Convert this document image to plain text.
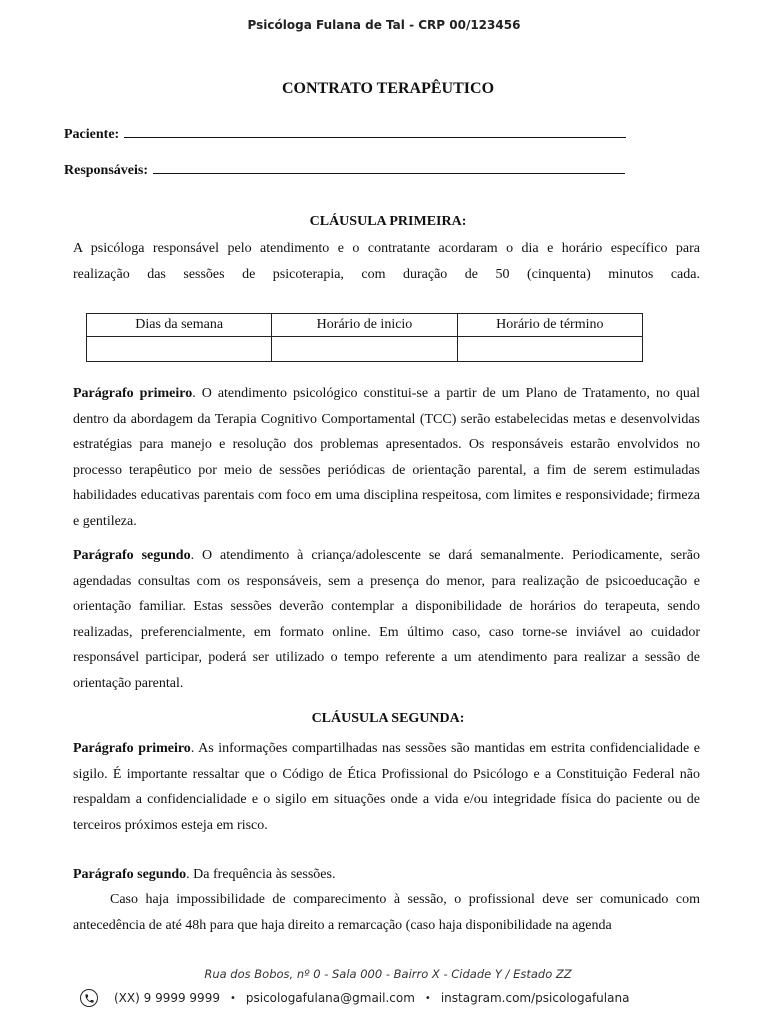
Psicóloga Fulana de Tal - CRP 00/123456
CONTRATO TERAPÊUTICO
Paciente:
Responsáveis:
CLÁUSULA PRIMEIRA:
A psicóloga responsável pelo atendimento e o contratante acordaram o dia e horário específico para
realização das sessões de psicoterapia, com duração de 50 (cinquenta) minutos cada.
Dias da semana	Horário de inicio	Horário de término

Parágrafo primeiro. O atendimento psicológico constitui-se a partir de um Plano de Tratamento, no qual dentro da abordagem da Terapia Cognitivo Comportamental (TCC) serão estabelecidas metas e desenvolvidas estratégias para manejo e resolução dos problemas apresentados. Os responsáveis estarão envolvidos no processo terapêutico por meio de sessões periódicas de orientação parental, a fim de serem estimuladas habilidades educativas parentais com foco em uma disciplina respeitosa, com limites e responsividade; firmeza e gentileza.
Parágrafo segundo. O atendimento à criança/adolescente se dará semanalmente. Periodicamente, serão agendadas consultas com os responsáveis, sem a presença do menor, para realização de psicoeducação e orientação familiar. Estas sessões deverão contemplar a disponibilidade de horários do terapeuta, sendo realizadas, preferencialmente, em formato online. Em último caso, caso torne-se inviável ao cuidador responsável participar, poderá ser utilizado o tempo referente a um atendimento para realizar a sessão de orientação parental.
CLÁUSULA SEGUNDA:
Parágrafo primeiro. As informações compartilhadas nas sessões são mantidas em estrita confidencialidade e sigilo. É importante ressaltar que o Código de Ética Profissional do Psicólogo e a Constituição Federal não respaldam a confidencialidade e o sigilo em situações onde a vida e/ou integridade física do paciente ou de terceiros próximos esteja em risco.
Parágrafo segundo. Da frequência às sessões.
Caso haja impossibilidade de comparecimento à sessão, o profissional deve ser comunicado com antecedência de até 48h para que haja direito a remarcação (caso haja disponibilidade na agenda
Rua dos Bobos, nº 0 - Sala 000 - Bairro X - Cidade Y / Estado ZZ
(XX) 9 9999 9999 • psicologafulana@gmail.com • instagram.com/psicologafulana
